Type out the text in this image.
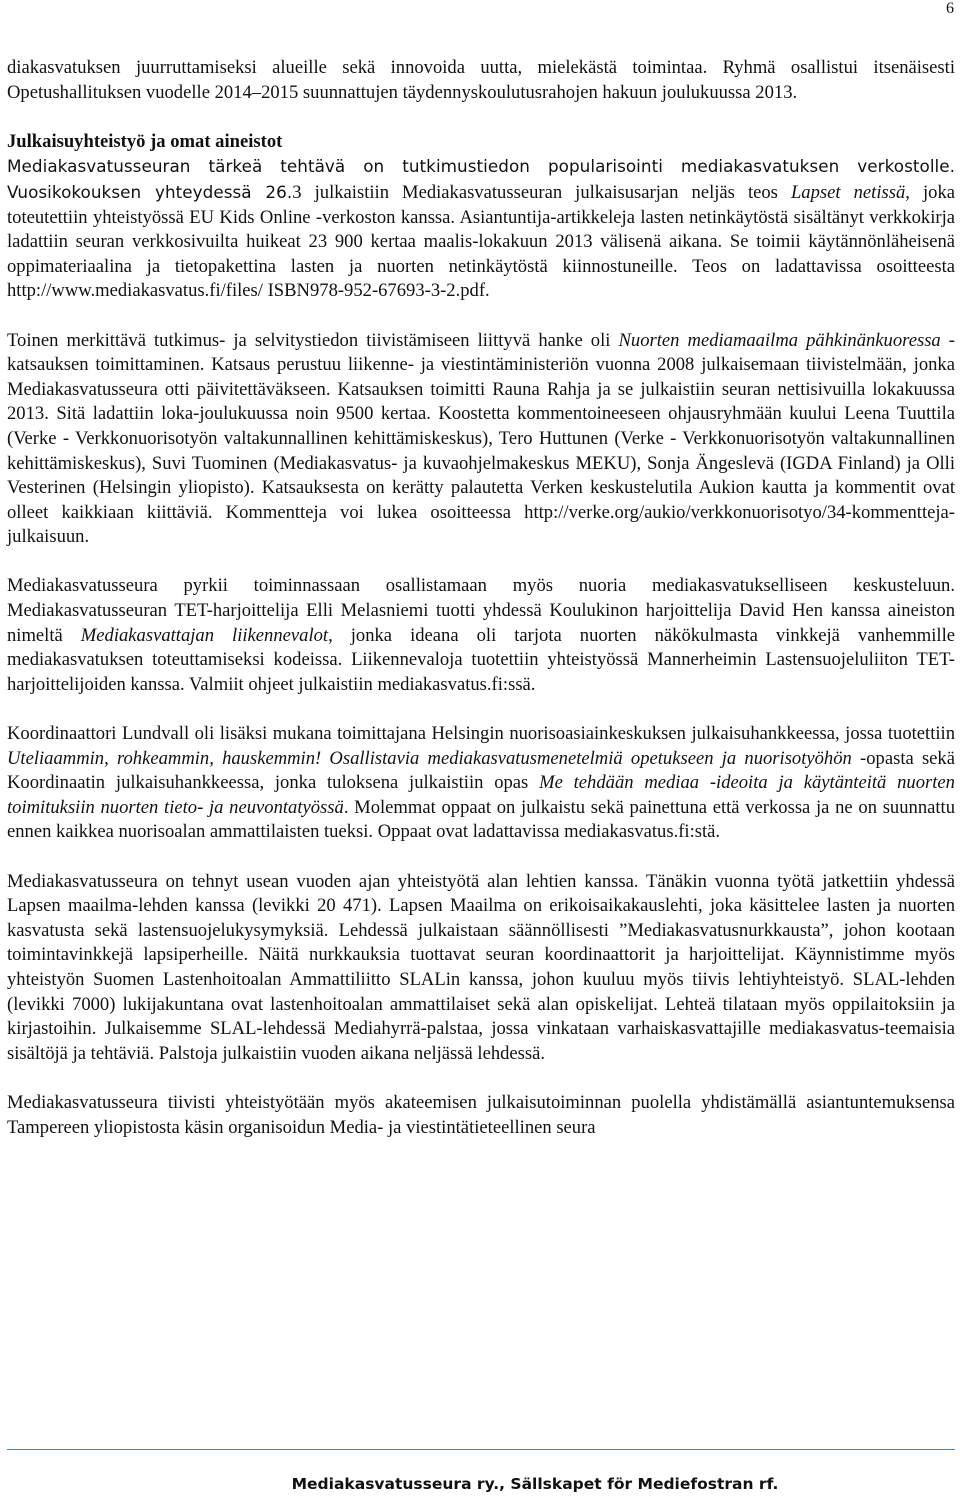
6

diakasvatuksen juurruttamiseksi alueille sekä innovoida uutta, mielekästä toimintaa. Ryhmä osallistui itsenäisesti Opetushallituksen vuodelle 2014–2015 suunnattujen täydennyskoulutusrahojen hakuun joulukuussa 2013.

Julkaisuyhteistyö ja omat aineistot

Mediakasvatusseuran tärkeä tehtävä on tutkimustiedon popularisointi mediakasvatuksen verkostolle. Vuosikokouksen yhteydessä 26.3 julkaistiin Mediakasvatusseuran julkaisusarjan neljäs teos Lapset netissä, joka toteutettiin yhteistyössä EU Kids Online -verkoston kanssa. Asiantuntija-artikkeleja lasten netinkäytöstä sisältänyt verkkokirja ladattiin seuran verkkosivuilta huikeat 23 900 kertaa maalis-lokakuun 2013 välisenä aikana. Se toimii käytännönläheisenä oppimateriaalina ja tietopakettina lasten ja nuorten netinkäytöstä kiinnostuneille. Teos on ladattavissa osoitteesta http://www.mediakasvatus.fi/files/ ISBN978-952-67693-3-2.pdf.

Toinen merkittävä tutkimus- ja selvitystiedon tiivistämiseen liittyvä hanke oli Nuorten mediamaailma pähkinänkuoressa -katsauksen toimittaminen. Katsaus perustuu liikenne- ja viestintäministeriön vuonna 2008 julkaisemaan tiivistelmään, jonka Mediakasvatusseura otti päivitettäväkseen. Katsauksen toimitti Rauna Rahja ja se julkaistiin seuran nettisivuilla lokakuussa 2013. Sitä ladattiin loka-joulukuussa noin 9500 kertaa. Koostetta kommentoineeseen ohjausryhmään kuului Leena Tuuttila (Verke - Verkkonuorisotyön valtakunnallinen kehittämiskeskus), Tero Huttunen (Verke - Verkkonuorisotyön valtakunnallinen kehittämiskeskus), Suvi Tuominen (Mediakasvatus- ja kuvaohjelmakeskus MEKU), Sonja Ängeslevä (IGDA Finland) ja Olli Vesterinen (Helsingin yliopisto). Katsauksesta on kerätty palautetta Verken keskustelutila Aukion kautta ja kommentit ovat olleet kaikkiaan kiittäviä. Kommentteja voi lukea osoitteessa http://verke.org/aukio/verkkonuorisotyo/34-kommentteja-julkaisuun.

Mediakasvatusseura pyrkii toiminnassaan osallistamaan myös nuoria mediakasvatukselliseen keskusteluun. Mediakasvatusseuran TET-harjoittelija Elli Melasniemi tuotti yhdessä Koulukinon harjoittelija David Hen kanssa aineiston nimeltä Mediakasvattajan liikennevalot, jonka ideana oli tarjota nuorten näkökulmasta vinkkejä vanhemmille mediakasvatuksen toteuttamiseksi kodeissa. Liikennevaloja tuotettiin yhteistyössä Mannerheimin Lastensuojeluliiton TET-harjoittelijoiden kanssa. Valmiit ohjeet julkaistiin mediakasvatus.fi:ssä.

Koordinaattori Lundvall oli lisäksi mukana toimittajana Helsingin nuorisoasiainkeskuksen julkaisuhankkeessa, jossa tuotettiin Uteliaammin, rohkeammin, hauskemmin! Osallistavia mediakasvatusmenetelmiä opetukseen ja nuorisotyöhön -opasta sekä Koordinaatin julkaisuhankkeessa, jonka tuloksena julkaistiin opas Me tehdään mediaa -ideoita ja käytänteitä nuorten toimituksiin nuorten tieto- ja neuvontatyössä. Molemmat oppaat on julkaistu sekä painettuna että verkossa ja ne on suunnattu ennen kaikkea nuorisoalan ammattilaisten tueksi. Oppaat ovat ladattavissa mediakasvatus.fi:stä.

Mediakasvatusseura on tehnyt usean vuoden ajan yhteistyötä alan lehtien kanssa. Tänäkin vuonna työtä jatkettiin yhdessä Lapsen maailma-lehden kanssa (levikki 20 471). Lapsen Maailma on erikoisaikakauslehti, joka käsittelee lasten ja nuorten kasvatusta sekä lastensuojelukysymyksiä. Lehdessä julkaistaan säännöllisesti ”Mediakasvatusnurkkausta”, johon kootaan toimintavinkkejä lapsiperheille. Näitä nurkkauksia tuottavat seuran koordinaattorit ja harjoittelijat. Käynnistimme myös yhteistyön Suomen Lastenhoitoalan Ammattiliitto SLALin kanssa, johon kuuluu myös tiivis lehtiyhteistyö. SLAL-lehden (levikki 7000) lukijakuntana ovat lastenhoitoalan ammattilaiset sekä alan opiskelijat. Lehteä tilataan myös oppilaitoksiin ja kirjastoihin. Julkaisemme SLAL-lehdessä Mediahyrrä-palstaa, jossa vinkataan varhaiskasvattajille mediakasvatus-teemaisia sisältöjä ja tehtäviä. Palstoja julkaistiin vuoden aikana neljässä lehdessä.

Mediakasvatusseura tiivisti yhteistyötään myös akateemisen julkaisutoiminnan puolella yhdistämällä asiantuntemuksensa Tampereen yliopistosta käsin organisoidun Media- ja viestintätieteellinen seura

Mediakasvatusseura ry., Sällskapet för Mediefostran rf.
